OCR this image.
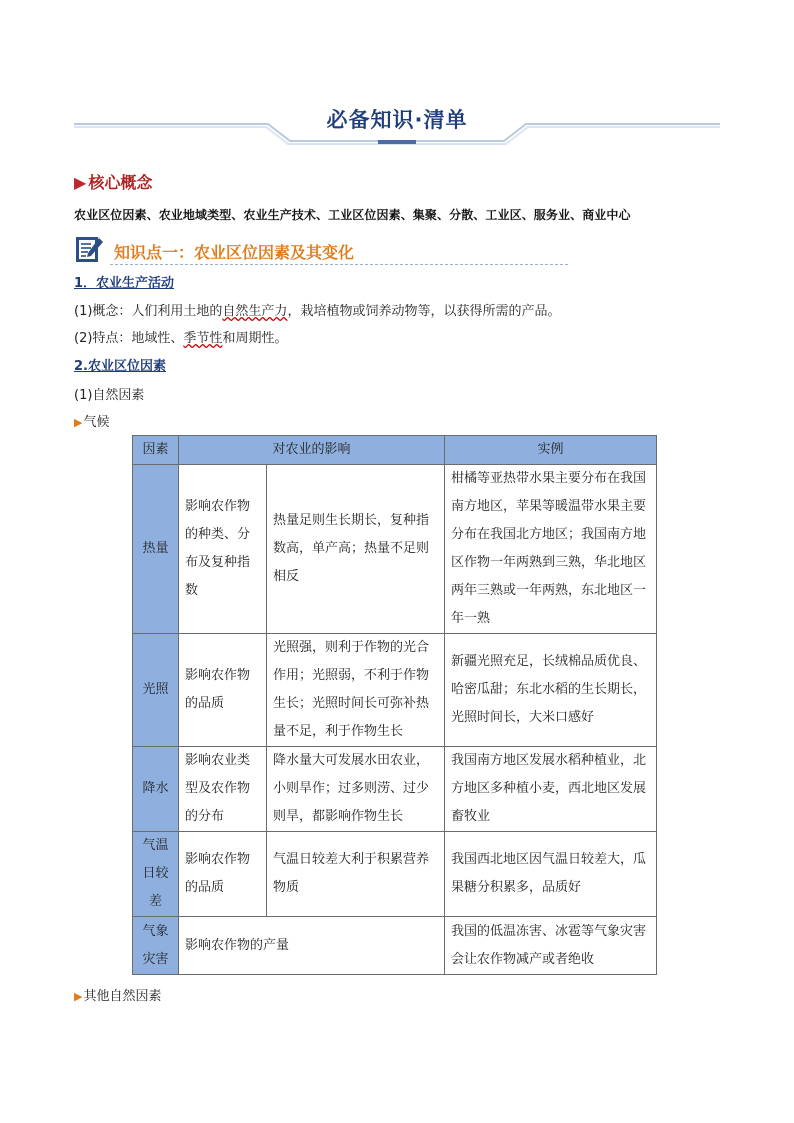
必备知识·清单
▶ 核心概念
农业区位因素、农业地域类型、农业生产技术、工业区位因素、集聚、分散、工业区、服务业、商业中心
知识点一：农业区位因素及其变化
1．农业生产活动
(1)概念：人们利用土地的自然生产力，栽培植物或饲养动物等，以获得所需的产品。
(2)特点：地域性、季节性和周期性。
2.农业区位因素
(1)自然因素
▶气候
因素	对农业的影响		实例
热量	影响农作物的种类、分布及复种指数	热量足则生长期长，复种指数高，单产高；热量不足则相反	柑橘等亚热带水果主要分布在我国南方地区，苹果等暖温带水果主要分布在我国北方地区；我国南方地区作物一年两熟到三熟，华北地区两年三熟或一年两熟，东北地区一年一熟
光照	影响农作物的品质	光照强，则利于作物的光合作用；光照弱，不利于作物生长；光照时间长可弥补热量不足，利于作物生长	新疆光照充足，长绒棉品质优良、哈密瓜甜；东北水稻的生长期长，光照时间长，大米口感好
降水	影响农业类型及农作物的分布	降水量大可发展水田农业，小则旱作；过多则涝、过少则旱，都影响作物生长	我国南方地区发展水稻种植业，北方地区多种植小麦，西北地区发展畜牧业
气温日较差	影响农作物的品质	气温日较差大利于积累营养物质	我国西北地区因气温日较差大，瓜果糖分积累多，品质好
气象灾害	影响农作物的产量		我国的低温冻害、冰雹等气象灾害会让农作物减产或者绝收
▶其他自然因素
